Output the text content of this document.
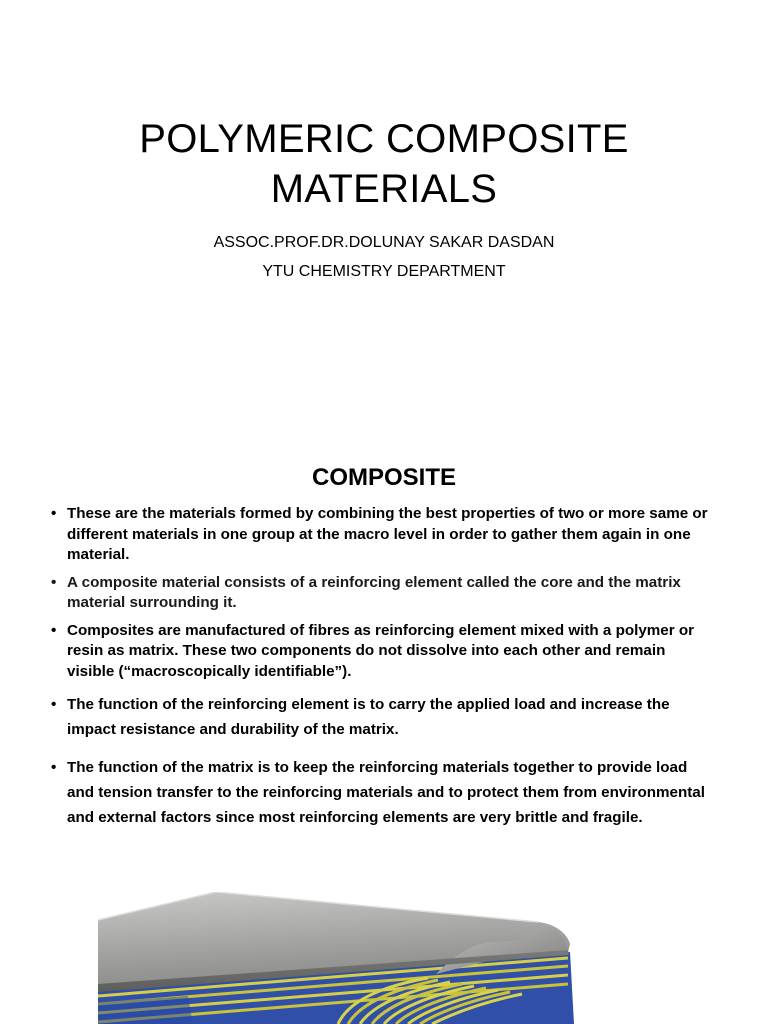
POLYMERIC COMPOSITE
MATERIALS
ASSOC.PROF.DR.DOLUNAY SAKAR DASDAN
YTU CHEMISTRY DEPARTMENT
COMPOSITE
• These are the materials formed by combining the best properties of two or more same or different materials in one group at the macro level in order to gather them again in one material.
• A composite material consists of a reinforcing element called the core and the matrix material surrounding it.
• Composites are manufactured of fibres as reinforcing element mixed with a polymer or resin as matrix. These two components do not dissolve into each other and remain visible (“macroscopically identifiable”).
• The function of the reinforcing element is to carry the applied load and increase the impact resistance and durability of the matrix.
• The function of the matrix is to keep the reinforcing materials together to provide load and tension transfer to the reinforcing materials and to protect them from environmental and external factors since most reinforcing elements are very brittle and fragile.
